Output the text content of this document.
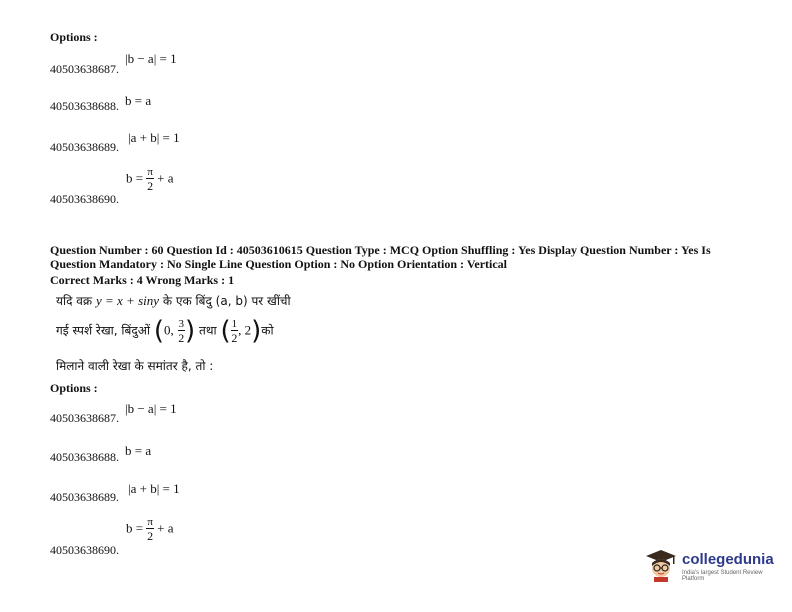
Options :
40503638687.
|b − a| = 1
40503638688. b = a
40503638689.
|a + b| = 1
40503638690.
$b = \frac{\pi}{2} + a$
Question Number : 60 Question Id : 40503610615 Question Type : MCQ Option Shuffling : Yes Display Question Number : Yes Is
Question Mandatory : No Single Line Question Option : No Option Orientation : Vertical
Correct Marks : 4 Wrong Marks : 1
यदि वक्र y = x + siny के एक बिंदु (a, b) पर खींची
गई स्पर्श रेखा, बिंदुओं (0, $\frac{3}{2}$ ) तथा ( $\frac{1}{2}$ , 2)को
मिलाने वाली रेखा के समांतर है, तो :
Options :
40503638687.
|b − a| = 1
40503638688. b = a
40503638689.
|a + b| = 1
40503638690.
$b = \frac{\pi}{2} + a$
collegedunia
India's largest Student Review Platform
